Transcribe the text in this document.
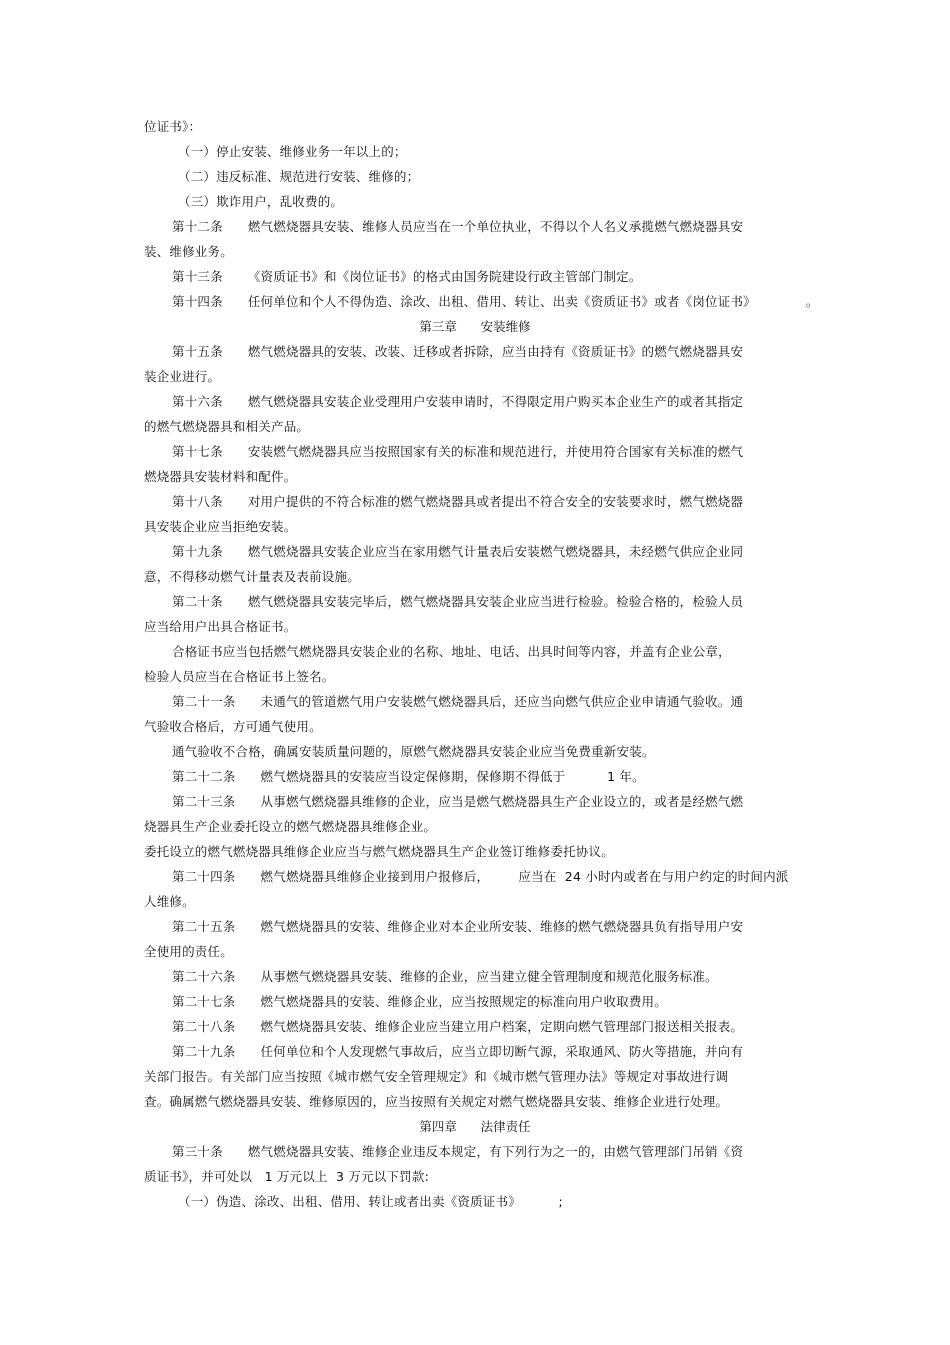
位证书》：
（一）停止安装、维修业务一年以上的；
（二）违反标准、规范进行安装、维修的；
（三）欺诈用户，乱收费的。
第十二条      燃气燃烧器具安装、维修人员应当在一个单位执业，不得以个人名义承揽燃气燃烧器具安
装、维修业务。
第十三条      《资质证书》和《岗位证书》的格式由国务院建设行政主管部门制定。
第十四条      任何单位和个人不得伪造、涂改、出租、借用、转让、出卖《资质证书》或者《岗位证书》            。
第三章      安装维修
第十五条      燃气燃烧器具的安装、改装、迁移或者拆除，应当由持有《资质证书》的燃气燃烧器具安
装企业进行。
第十六条      燃气燃烧器具安装企业受理用户安装申请时，不得限定用户购买本企业生产的或者其指定
的燃气燃烧器具和相关产品。
第十七条      安装燃气燃烧器具应当按照国家有关的标准和规范进行，并使用符合国家有关标准的燃气
燃烧器具安装材料和配件。
第十八条      对用户提供的不符合标准的燃气燃烧器具或者提出不符合安全的安装要求时，燃气燃烧器
具安装企业应当拒绝安装。
第十九条      燃气燃烧器具安装企业应当在家用燃气计量表后安装燃气燃烧器具，未经燃气供应企业同
意，不得移动燃气计量表及表前设施。
第二十条      燃气燃烧器具安装完毕后，燃气燃烧器具安装企业应当进行检验。检验合格的，检验人员
应当给用户出具合格证书。
合格证书应当包括燃气燃烧器具安装企业的名称、地址、电话、出具时间等内容，并盖有企业公章，
检验人员应当在合格证书上签名。
第二十一条      未通气的管道燃气用户安装燃气燃烧器具后，还应当向燃气供应企业申请通气验收。通
气验收合格后，方可通气使用。
通气验收不合格，确属安装质量问题的，原燃气燃烧器具安装企业应当免费重新安装。
第二十二条      燃气燃烧器具的安装应当设定保修期，保修期不得低于          1 年。
第二十三条      从事燃气燃烧器具维修的企业，应当是燃气燃烧器具生产企业设立的，或者是经燃气燃
烧器具生产企业委托设立的燃气燃烧器具维修企业。
委托设立的燃气燃烧器具维修企业应当与燃气燃烧器具生产企业签订维修委托协议。
第二十四条      燃气燃烧器具维修企业接到用户报修后，       应当在  24 小时内或者在与用户约定的时间内派
人维修。
第二十五条      燃气燃烧器具的安装、维修企业对本企业所安装、维修的燃气燃烧器具负有指导用户安
全使用的责任。
第二十六条      从事燃气燃烧器具安装、维修的企业，应当建立健全管理制度和规范化服务标准。
第二十七条      燃气燃烧器具的安装、维修企业，应当按照规定的标准向用户收取费用。
第二十八条      燃气燃烧器具安装、维修企业应当建立用户档案，定期向燃气管理部门报送相关报表。
第二十九条      任何单位和个人发现燃气事故后，应当立即切断气源，采取通风、防火等措施，并向有
关部门报告。有关部门应当按照《城市燃气安全管理规定》和《城市燃气管理办法》等规定对事故进行调
查。确属燃气燃烧器具安装、维修原因的，应当按照有关规定对燃气燃烧器具安装、维修企业进行处理。
第四章      法律责任
第三十条      燃气燃烧器具安装、维修企业违反本规定，有下列行为之一的，由燃气管理部门吊销《资
质证书》，并可处以   1 万元以上  3 万元以下罚款:
（一）伪造、涂改、出租、借用、转让或者出卖《资质证书》         ;
